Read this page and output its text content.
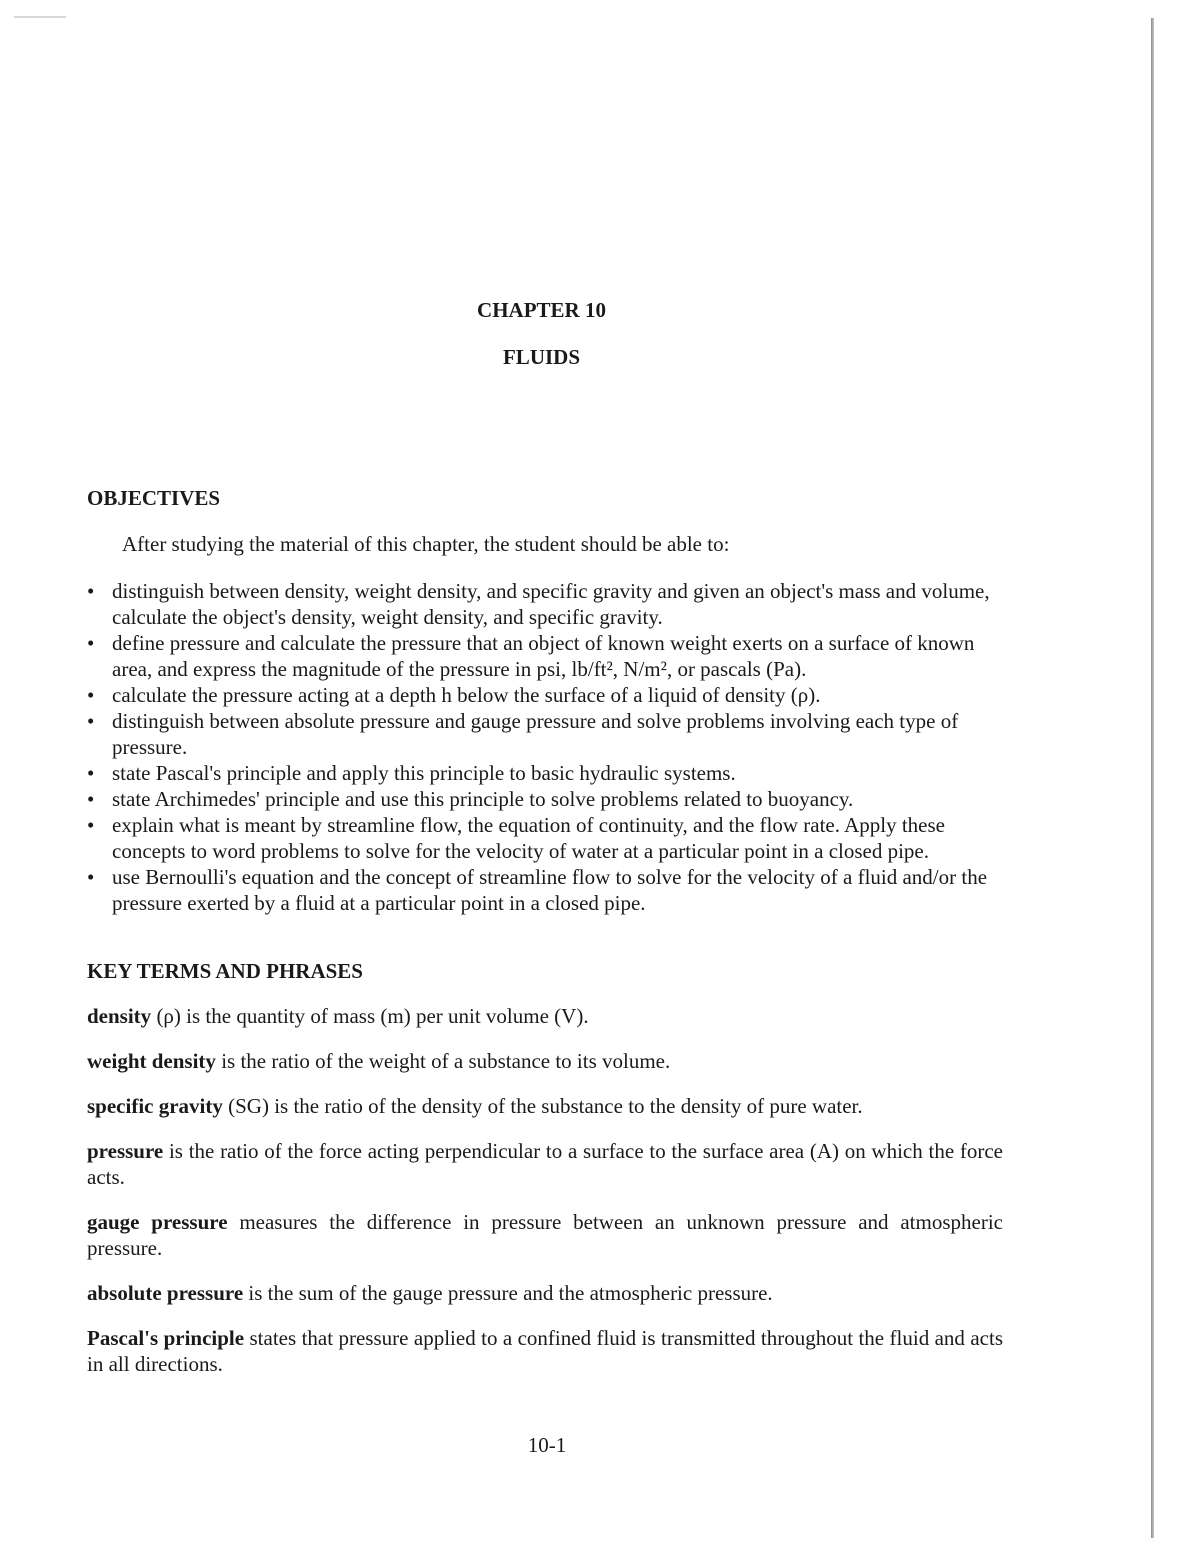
CHAPTER 10
FLUIDS
OBJECTIVES
After studying the material of this chapter, the student should be able to:
• distinguish between density, weight density, and specific gravity and given an object's mass and volume, calculate the object's density, weight density, and specific gravity.
• define pressure and calculate the pressure that an object of known weight exerts on a surface of known area, and express the magnitude of the pressure in psi, lb/ft², N/m², or pascals (Pa).
• calculate the pressure acting at a depth h below the surface of a liquid of density (ρ).
• distinguish between absolute pressure and gauge pressure and solve problems involving each type of pressure.
• state Pascal's principle and apply this principle to basic hydraulic systems.
• state Archimedes' principle and use this principle to solve problems related to buoyancy.
• explain what is meant by streamline flow, the equation of continuity, and the flow rate. Apply these concepts to word problems to solve for the velocity of water at a particular point in a closed pipe.
• use Bernoulli's equation and the concept of streamline flow to solve for the velocity of a fluid and/or the pressure exerted by a fluid at a particular point in a closed pipe.
KEY TERMS AND PHRASES

density (ρ) is the quantity of mass (m) per unit volume (V).

weight density is the ratio of the weight of a substance to its volume.

specific gravity (SG) is the ratio of the density of the substance to the density of pure water.

pressure is the ratio of the force acting perpendicular to a surface to the surface area (A) on which the force acts.

gauge pressure measures the difference in pressure between an unknown pressure and atmospheric pressure.

absolute pressure is the sum of the gauge pressure and the atmospheric pressure.

Pascal's principle states that pressure applied to a confined fluid is transmitted throughout the fluid and acts in all directions.

10-1
